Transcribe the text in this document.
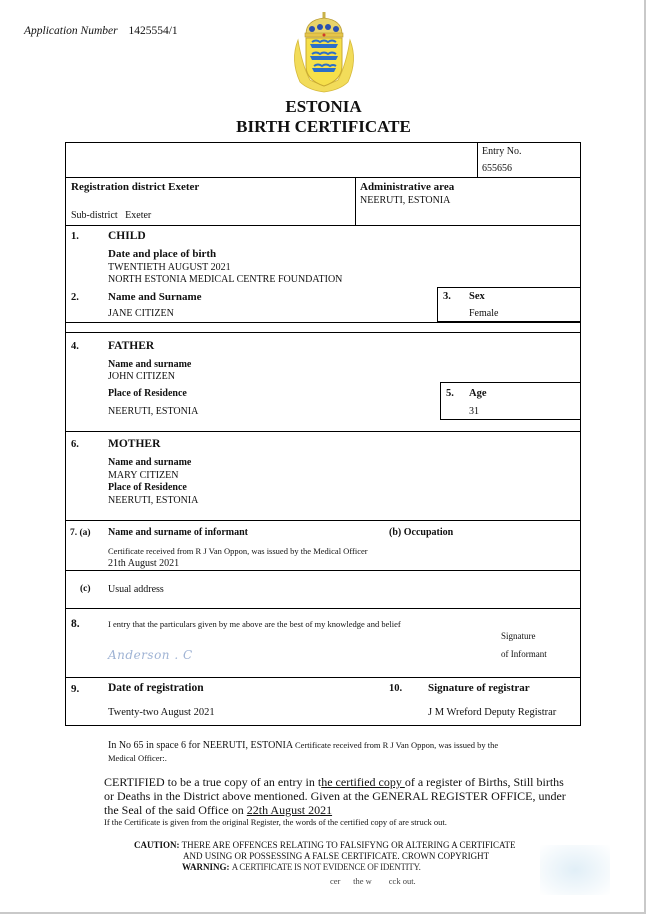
Application Number 1425554/1
ESTONIA
BIRTH CERTIFICATE
Entry No.
655656
Registration district Exeter
Sub-district Exeter
Administrative area
NEERUTI, ESTONIA
1.	CHILD
Date and place of birth
TWENTIETH AUGUST 2021
NORTH ESTONIA MEDICAL CENTRE FOUNDATION
2.	Name and Surname
JANE CITIZEN
3. Sex
Female
4.	FATHER
Name and surname
JOHN CITIZEN
Place of Residence
NEERUTI, ESTONIA
5. Age
31
6.	MOTHER
Name and surname
MARY CITIZEN
Place of Residence
NEERUTI, ESTONIA
7. (a) Name and surname of informant	(b) Occupation
Certificate received from R J Van Oppon, was issued by the Medical Officer
21th August 2021
(c) Usual address
8.	I entry that the particulars given by me above are the best of my knowledge and belief
Anderson . C
Signature
of Informant
9.	Date of registration
Twenty-two August 2021
10. Signature of registrar
J M Wreford Deputy Registrar
In No 65 in space 6 for NEERUTI, ESTONIA Certificate received from R J Van Oppon, was issued by the
Medical Officer:.
CERTIFIED to be a true copy of an entry in the certified copy of a register of Births, Still births
or Deaths in the District above mentioned. Given at the GENERAL REGISTER OFFICE, under
the Seal of the said Office on 22th August 2021
If the Certificate is given from the original Register, the words of the certified copy of are struck out.
CAUTION: THERE ARE OFFENCES RELATING TO FALSIFYNG OR ALTERING A CERTIFICATE
AND USING OR POSSESSING A FALSE CERTIFICATE. CROWN COPYRIGHT
WARNING: A CERTIFICATE IS NOT EVIDENCE OF IDENTITY.
cer      the w        cck out.
